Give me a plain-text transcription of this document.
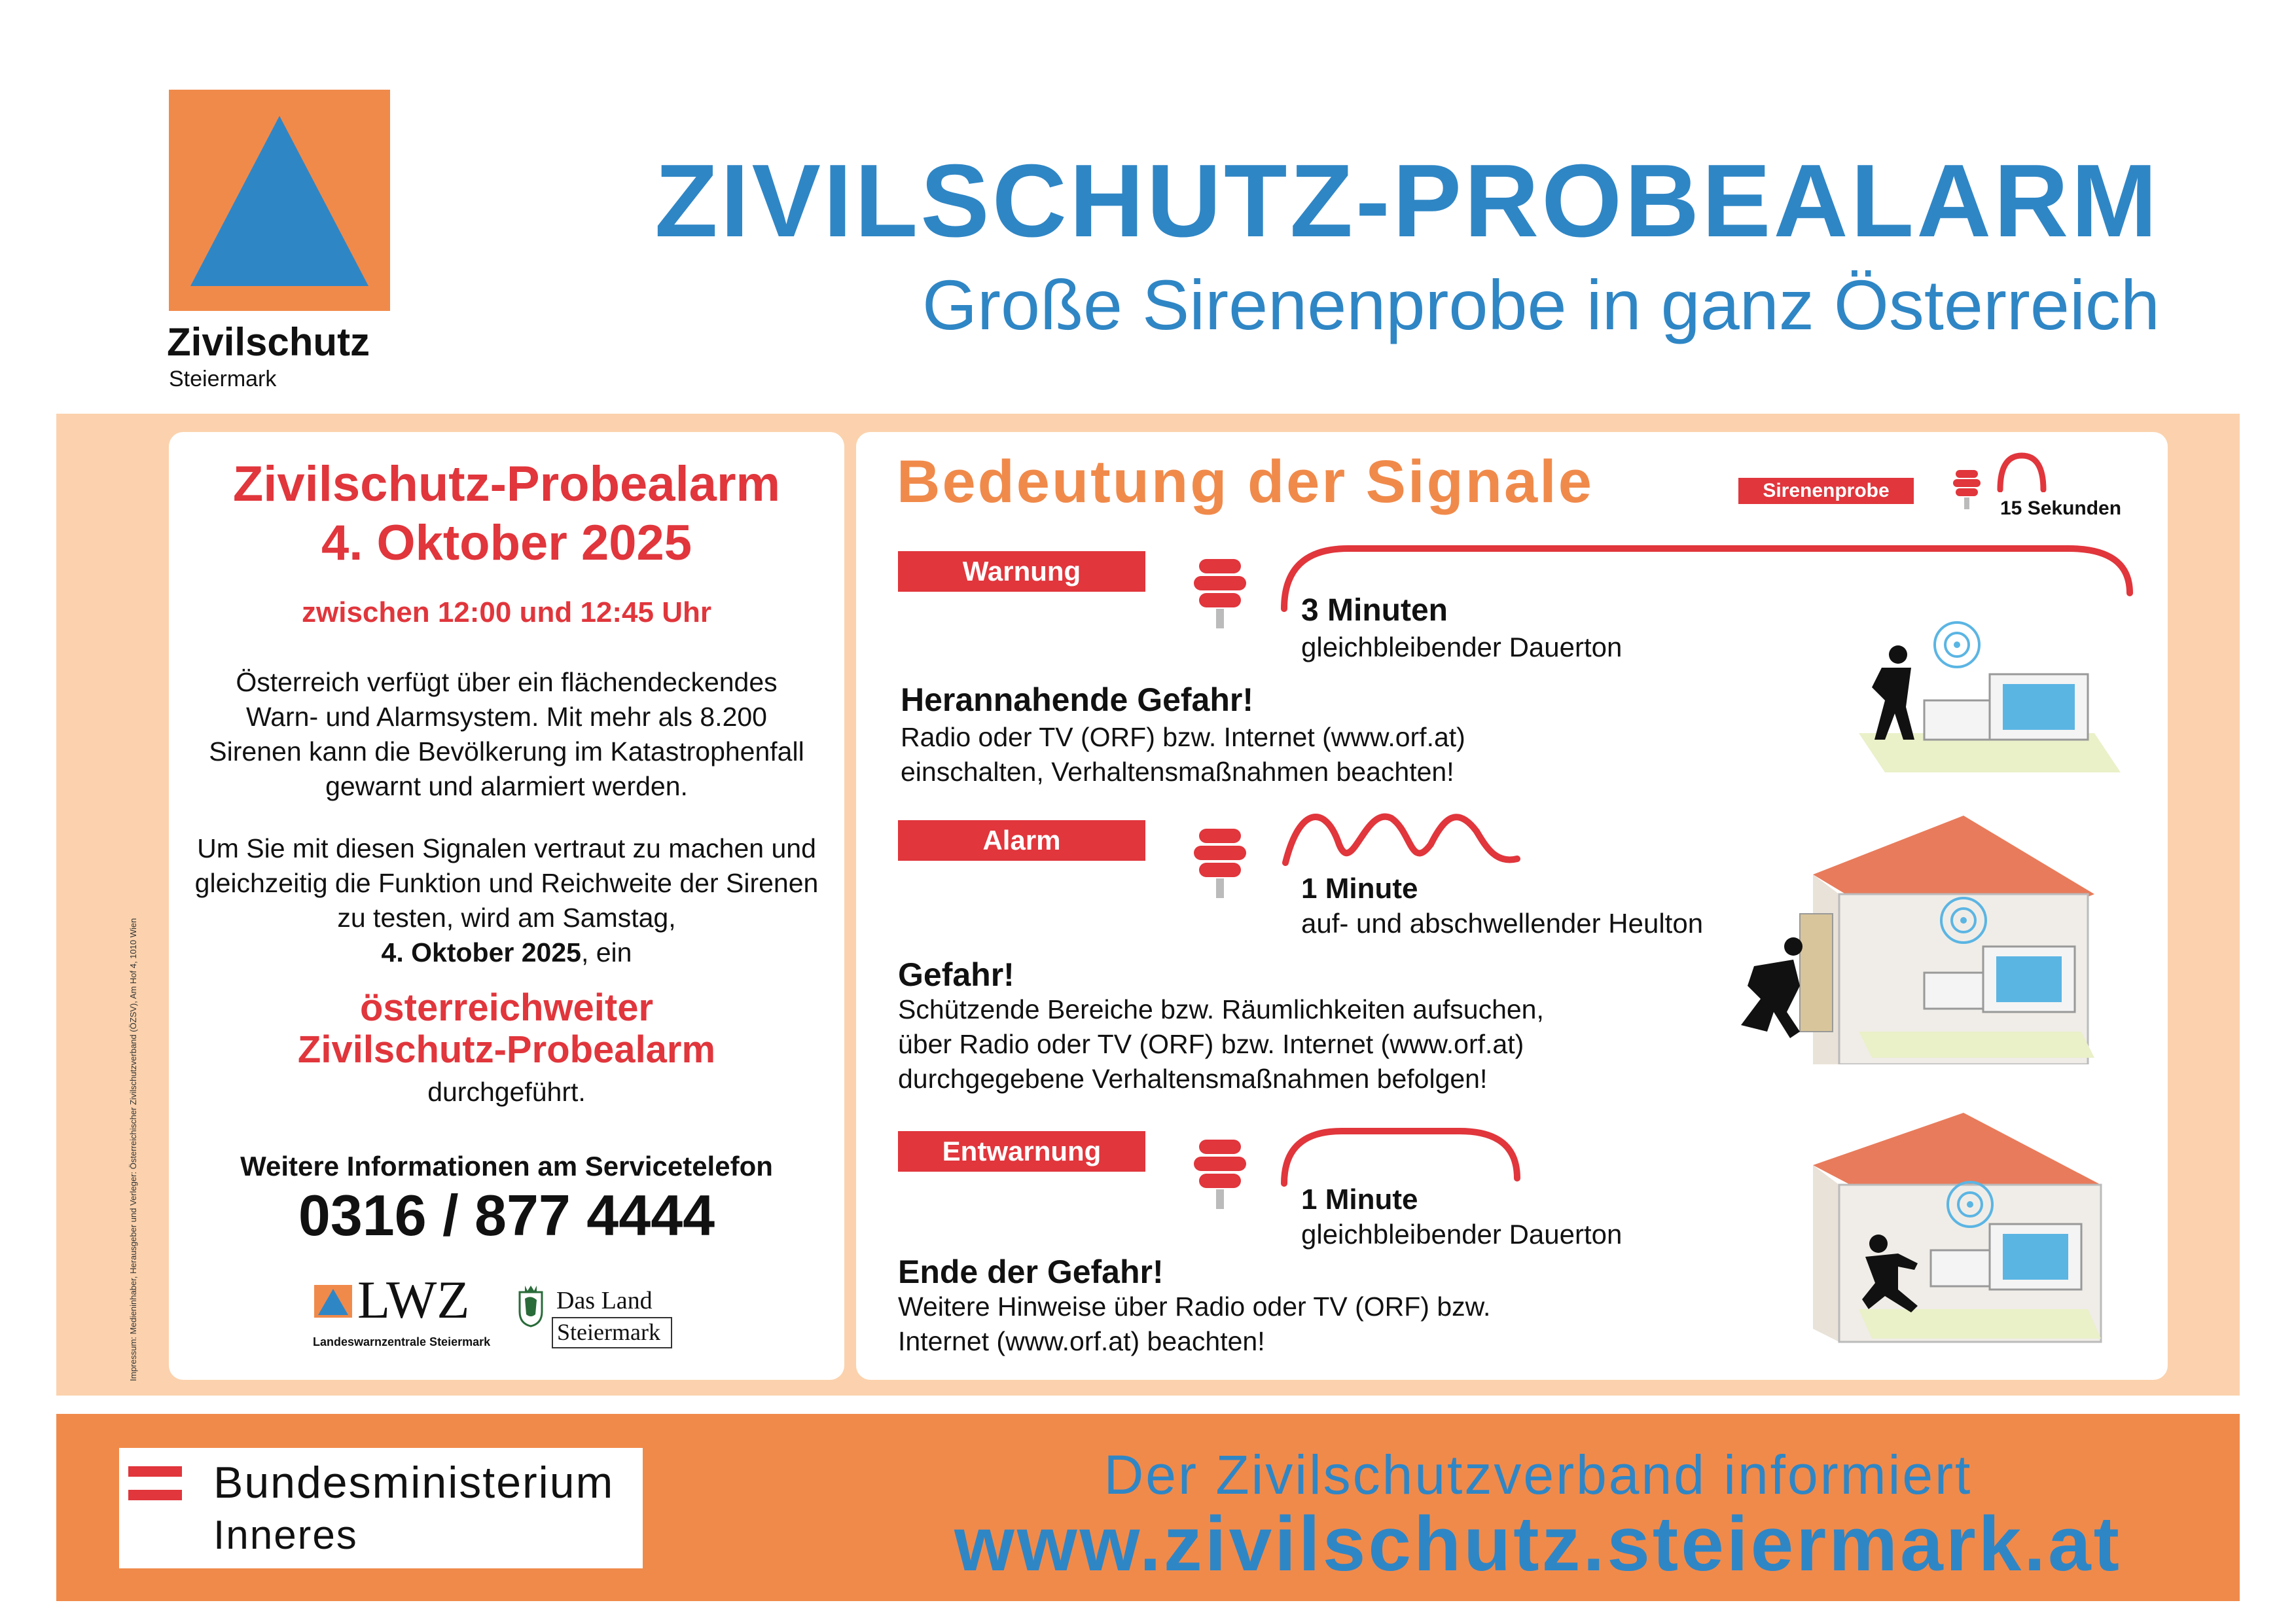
Zivilschutz
Steiermark
ZIVILSCHUTZ-PROBEALARM
Große Sirenenprobe in ganz Österreich
Impressum: Medieninhaber, Herausgeber und Verleger: Österreichischer Zivilschutzverband (ÖZSV), Am Hof 4, 1010 Wien
Zivilschutz-Probealarm
4. Oktober 2025
zwischen 12:00 und 12:45 Uhr
Österreich verfügt über ein flächendeckendes Warn- und Alarmsystem. Mit mehr als 8.200 Sirenen kann die Bevölkerung im Katastrophenfall gewarnt und alarmiert werden.
Um Sie mit diesen Signalen vertraut zu machen und gleichzeitig die Funktion und Reichweite der Sirenen zu testen, wird am Samstag,
4. Oktober 2025, ein
österreichweiter
Zivilschutz-Probealarm
durchgeführt.
Weitere Informationen am Servicetelefon
0316 / 877 4444
LWZ
Landeswarnzentrale Steiermark
Das Land
Steiermark
Bedeutung der Signale	Sirenenprobe
15 Sekunden
Warnung
3 Minuten
gleichbleibender Dauerton
Herannahende Gefahr!
Radio oder TV (ORF) bzw. Internet (www.orf.at)
einschalten, Verhaltensmaßnahmen beachten!
Alarm
1 Minute
auf- und abschwellender Heulton
Gefahr!
Schützende Bereiche bzw. Räumlichkeiten aufsuchen,
über Radio oder TV (ORF) bzw. Internet (www.orf.at)
durchgegebene Verhaltensmaßnahmen befolgen!
Entwarnung
1 Minute
gleichbleibender Dauerton
Ende der Gefahr!
Weitere Hinweise über Radio oder TV (ORF) bzw.
Internet (www.orf.at) beachten!
Bundesministerium
Inneres
Der Zivilschutzverband informiert
www.zivilschutz.steiermark.at
